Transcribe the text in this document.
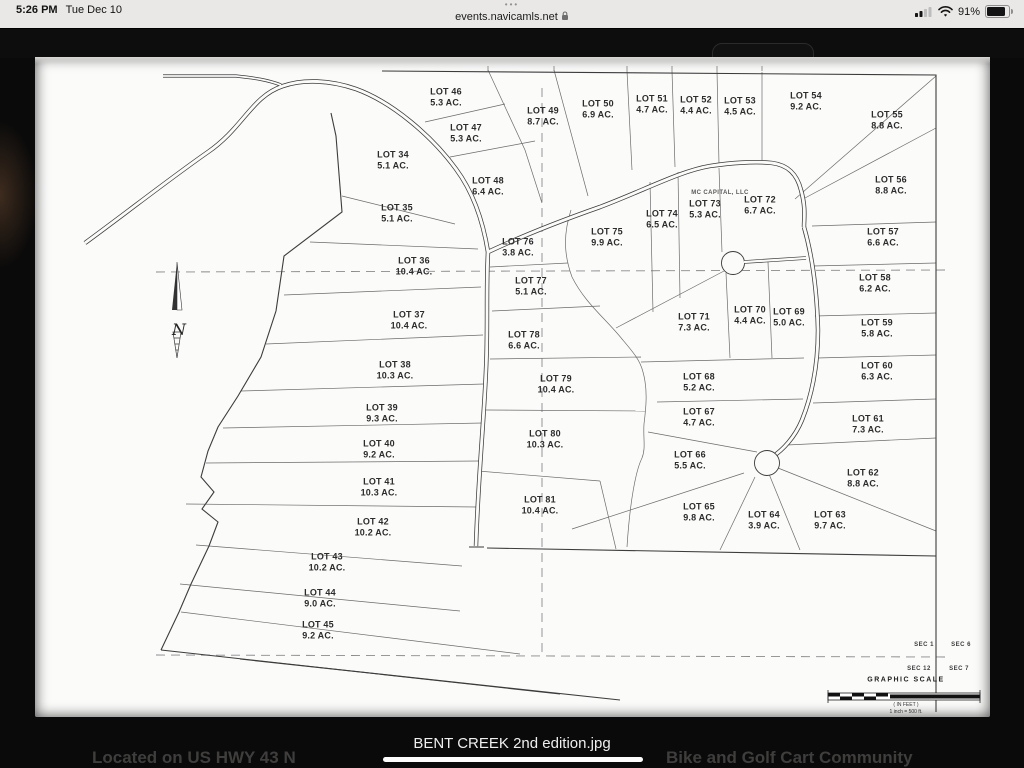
5:26 PM Tue Dec 10	•••
events.navicamls.net	91%
LOT 34
5.1 AC.
LOT 35
5.1 AC.
LOT 36
10.4 AC.
LOT 37
10.4 AC.
LOT 38
10.3 AC.
LOT 39
9.3 AC.
LOT 40
9.2 AC.
LOT 41
10.3 AC.
LOT 42
10.2 AC.
LOT 43
10.2 AC.
LOT 44
9.0 AC.
LOT 45
9.2 AC.
LOT 46
5.3 AC.
LOT 47
5.3 AC.
LOT 48
6.4 AC.
LOT 49
8.7 AC.
LOT 50
6.9 AC.
LOT 51
4.7 AC.
LOT 52
4.4 AC.
LOT 53
4.5 AC.
LOT 54
9.2 AC.
LOT 55
8.8 AC.
LOT 56
8.8 AC.
LOT 57
6.6 AC.
LOT 58
6.2 AC.
LOT 59
5.8 AC.
LOT 60
6.3 AC.
LOT 61
7.3 AC.
LOT 62
8.8 AC.
LOT 63
9.7 AC.
LOT 64
3.9 AC.
LOT 65
9.8 AC.
LOT 66
5.5 AC.
LOT 67
4.7 AC.
LOT 68
5.2 AC.
LOT 69
5.0 AC.
LOT 70
4.4 AC.
LOT 71
7.3 AC.
LOT 72
6.7 AC.
LOT 73
5.3 AC.
LOT 74
6.5 AC.
LOT 75
9.9 AC.
LOT 76
3.8 AC.
LOT 77
5.1 AC.
LOT 78
6.6 AC.
LOT 79
10.4 AC.
LOT 80
10.3 AC.
LOT 81
10.4 AC.
SEC 1	SEC 6
SEC 12	SEC 7
MC CAPITAL, LLC
N
GRAPHIC SCALE
( IN FEET )
1 inch = 500 ft.
Located on US HWY 43 N	Bike and Golf Cart Community
BENT CREEK 2nd edition.jpg
